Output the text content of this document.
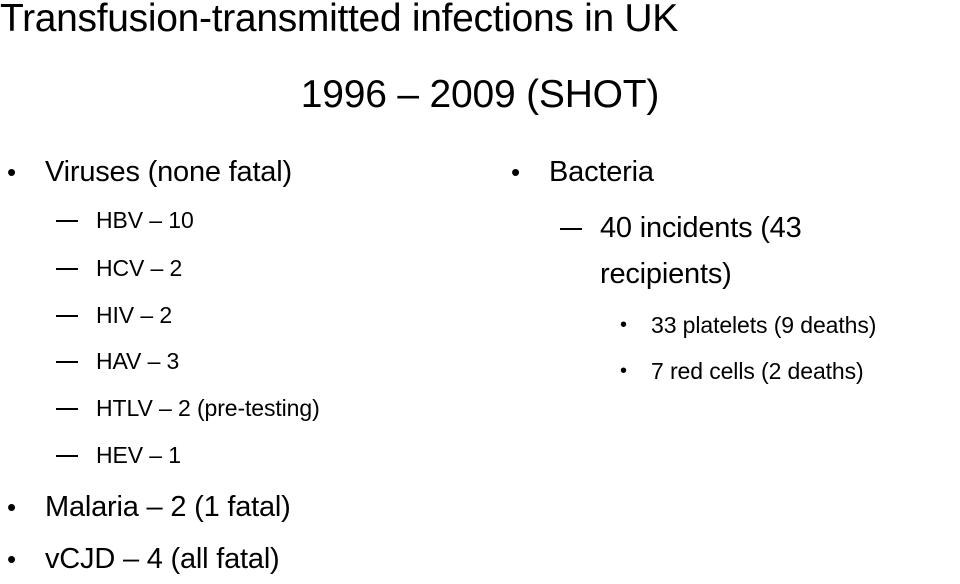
Transfusion-transmitted infections in UK
1996 – 2009 (SHOT)
• Viruses (none fatal)
HBV – 10
HCV – 2
HIV – 2
HAV – 3
HTLV – 2 (pre-testing)
HEV – 1
• Malaria – 2 (1 fatal)
• vCJD – 4 (all fatal)
• Bacteria
40 incidents (43
recipients)
• 33 platelets (9 deaths)
• 7 red cells (2 deaths)
